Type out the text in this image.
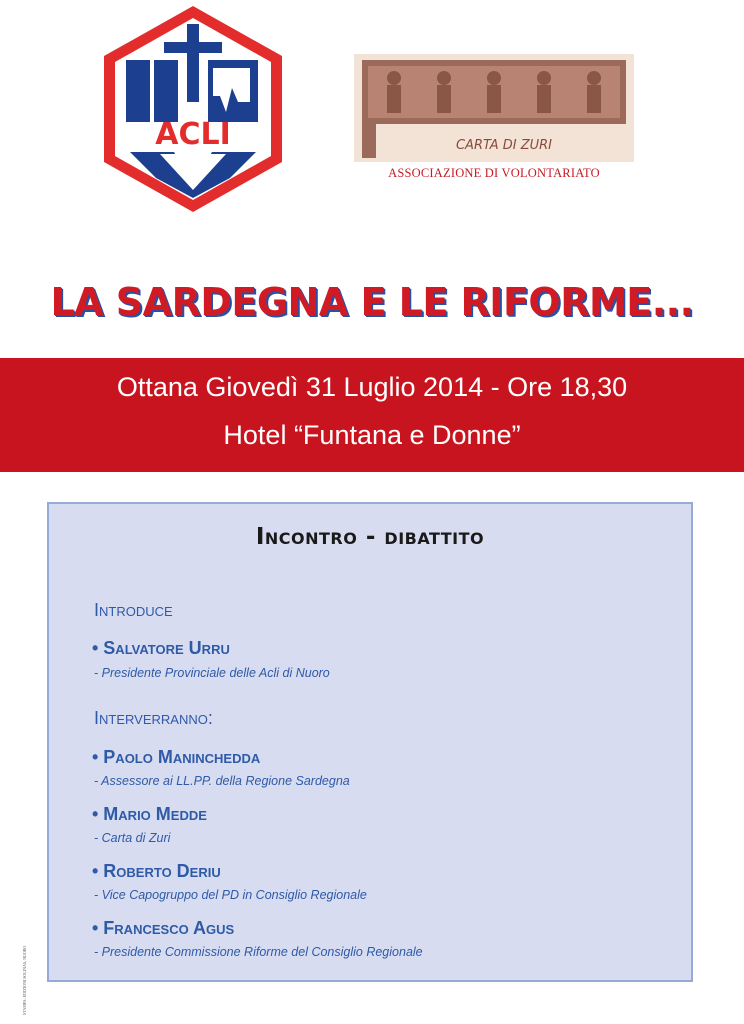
ACLI	CARTA DI ZURI
ASSOCIAZIONE DI VOLONTARIATO
LA SARDEGNA E LE RIFORME...
Ottana Giovedì 31 Luglio 2014 - Ore 18,30
Hotel “Funtana e Donne”
Incontro - dibattito
Introduce
• Salvatore Urru
- Presidente Provinciale delle Acli di Nuoro
Interverranno:
• Paolo Maninchedda
- Assessore ai LL.PP. della Regione Sardegna
• Mario Medde
- Carta di Zuri
• Roberto Deriu
- Vice Capogruppo del PD in Consiglio Regionale
• Francesco Agus
- Presidente Commissione Riforme del Consiglio Regionale
STAMPA: EDIZIONI SOLINAS, NUORO
